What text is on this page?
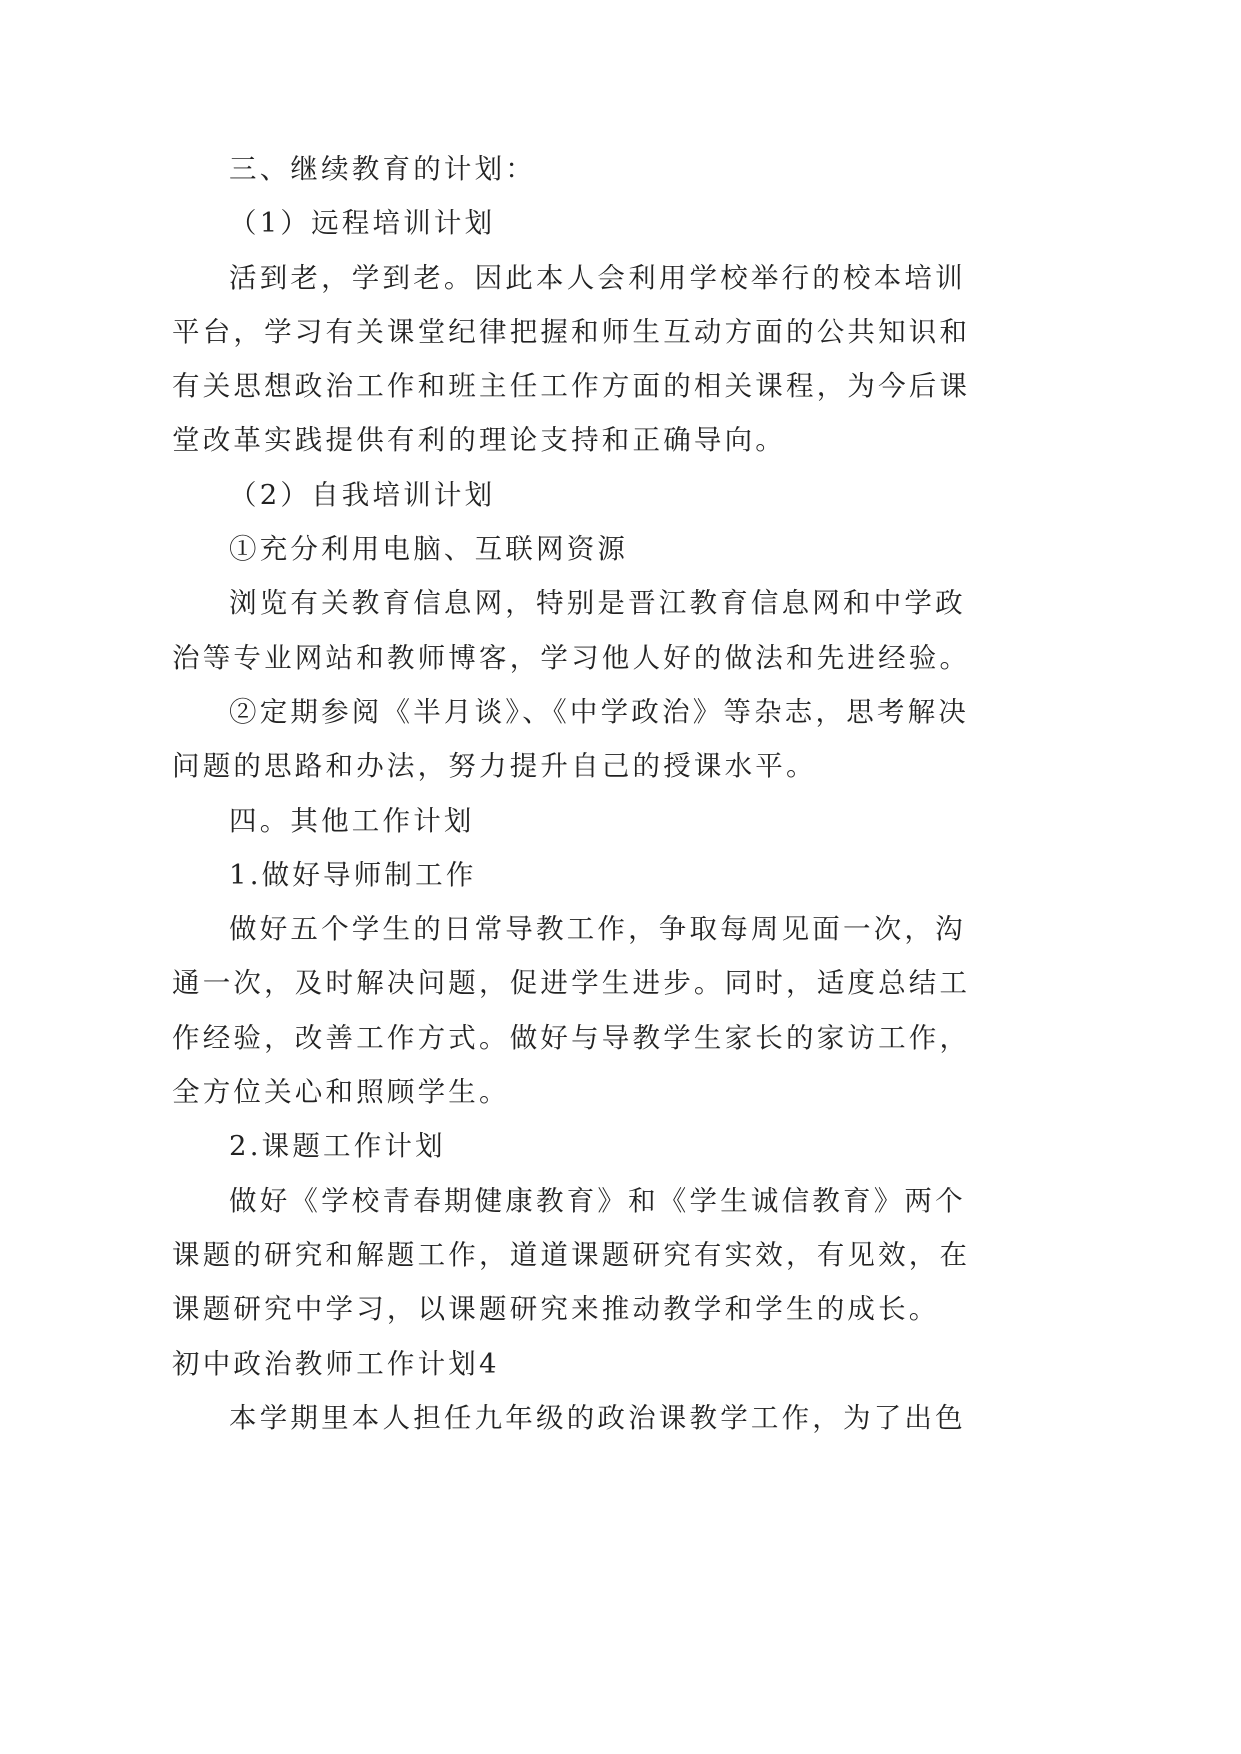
三、继续教育的计划：
（1）远程培训计划
活到老，学到老。因此本人会利用学校举行的校本培训
平台，学习有关课堂纪律把握和师生互动方面的公共知识和
有关思想政治工作和班主任工作方面的相关课程，为今后课
堂改革实践提供有利的理论支持和正确导向。
（2）自我培训计划
①充分利用电脑、互联网资源
浏览有关教育信息网，特别是晋江教育信息网和中学政
治等专业网站和教师博客，学习他人好的做法和先进经验。
②定期参阅《半月谈》、《中学政治》等杂志，思考解决
问题的思路和办法，努力提升自己的授课水平。
四。其他工作计划
1.做好导师制工作
做好五个学生的日常导教工作，争取每周见面一次，沟
通一次，及时解决问题，促进学生进步。同时，适度总结工
作经验，改善工作方式。做好与导教学生家长的家访工作，
全方位关心和照顾学生。
2.课题工作计划
做好《学校青春期健康教育》和《学生诚信教育》两个
课题的研究和解题工作，道道课题研究有实效，有见效，在
课题研究中学习，以课题研究来推动教学和学生的成长。
初中政治教师工作计划4
本学期里本人担任九年级的政治课教学工作，为了出色
